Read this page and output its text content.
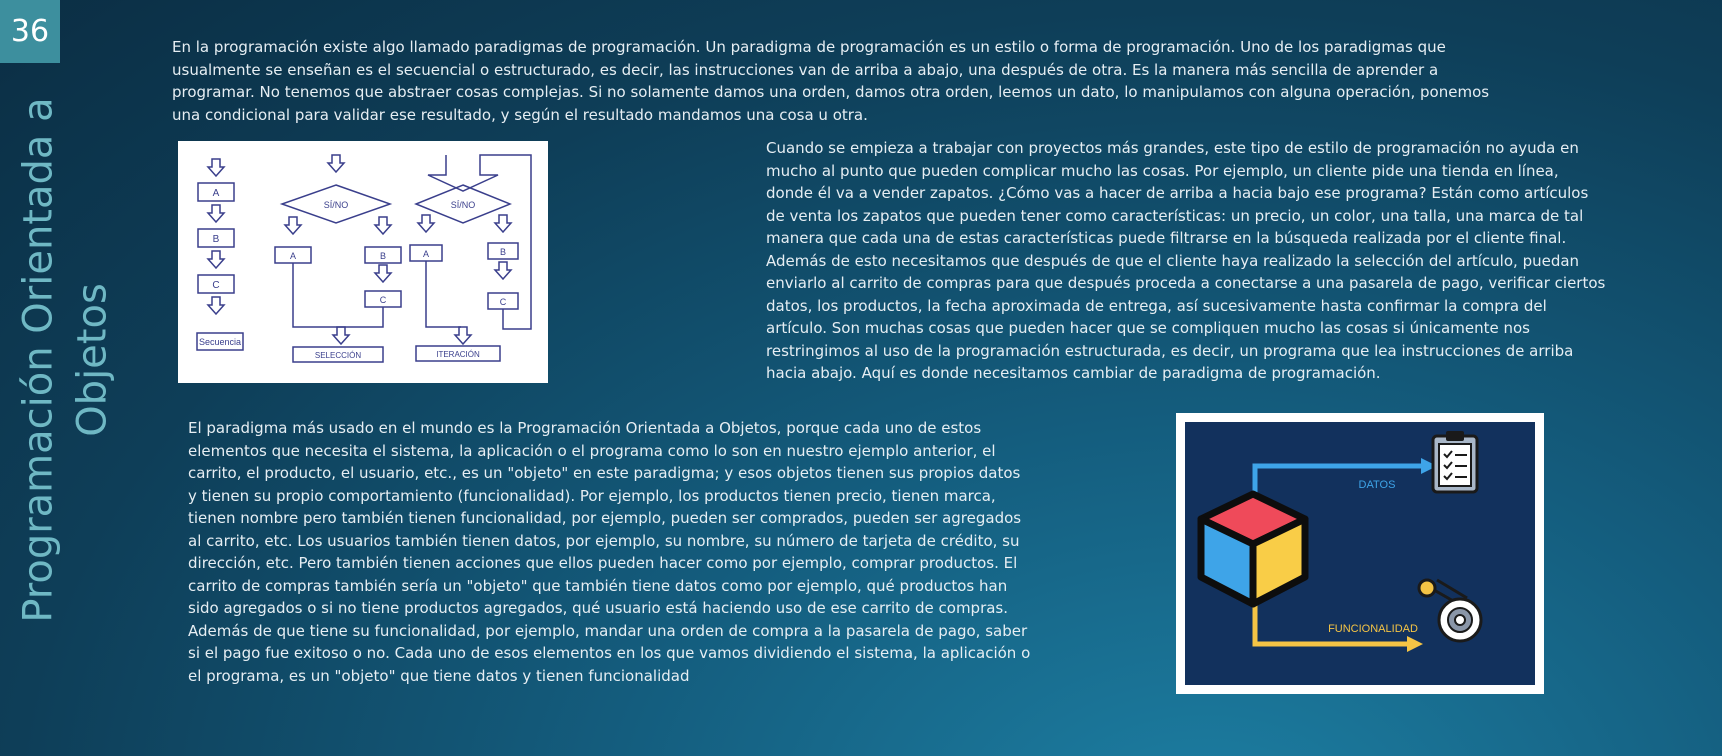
36
Programación Orientada a Objetos
En la programación existe algo llamado paradigmas de programación. Un paradigma de programación es un estilo o forma de programación. Uno de los paradigmas que usualmente se enseñan es el secuencial o estructurado, es decir, las instrucciones van de arriba a abajo, una después de otra. Es la manera más sencilla de aprender a programar. No tenemos que abstraer cosas complejas. Si no solamente damos una orden, damos otra orden, leemos un dato, lo manipulamos con alguna operación, ponemos una condicional para validar ese resultado, y según el resultado mandamos una cosa u otra.
A
B
C
Secuencia
SÍ/NO
A	B
C
SELECCIÓN
SÍ/NO
A	B
C
ITERACIÓN
Cuando se empieza a trabajar con proyectos más grandes, este tipo de estilo de programación no ayuda en mucho al punto que pueden complicar mucho las cosas. Por ejemplo, un cliente pide una tienda en línea, donde él va a vender zapatos. ¿Cómo vas a hacer de arriba a hacia bajo ese programa? Están como artículos de venta los zapatos que pueden tener como características: un precio, un color, una talla, una marca de tal manera que cada una de estas características puede filtrarse en la búsqueda realizada por el cliente final. Además de esto necesitamos que después de que el cliente haya realizado la selección del artículo, puedan enviarlo al carrito de compras para que después proceda a conectarse a una pasarela de pago, verificar ciertos datos, los productos, la fecha aproximada de entrega, así sucesivamente hasta confirmar la compra del artículo. Son muchas cosas que pueden hacer que se compliquen mucho las cosas si únicamente nos restringimos al uso de la programación estructurada, es decir, un programa que lea instrucciones de arriba hacia abajo. Aquí es donde necesitamos cambiar de paradigma de programación.
El paradigma más usado en el mundo es la Programación Orientada a Objetos, porque cada uno de estos elementos que necesita el sistema, la aplicación o el programa como lo son en nuestro ejemplo anterior, el carrito, el producto, el usuario, etc., es un "objeto" en este paradigma; y esos objetos tienen sus propios datos y tienen su propio comportamiento (funcionalidad). Por ejemplo, los productos tienen precio, tienen marca, tienen nombre pero también tienen funcionalidad, por ejemplo, pueden ser comprados, pueden ser agregados al carrito, etc. Los usuarios también tienen datos, por ejemplo, su nombre, su número de tarjeta de crédito, su dirección, etc. Pero también tienen acciones que ellos pueden hacer como por ejemplo, comprar productos. El carrito de compras también sería un "objeto" que también tiene datos como por ejemplo, qué productos han sido agregados o si no tiene productos agregados, qué usuario está haciendo uso de ese carrito de compras. Además de que tiene su funcionalidad, por ejemplo, mandar una orden de compra a la pasarela de pago, saber si el pago fue exitoso o no. Cada uno de esos elementos en los que vamos dividiendo el sistema, la aplicación o el programa, es un "objeto" que tiene datos y tienen funcionalidad
DATOS
FUNCIONALIDAD
